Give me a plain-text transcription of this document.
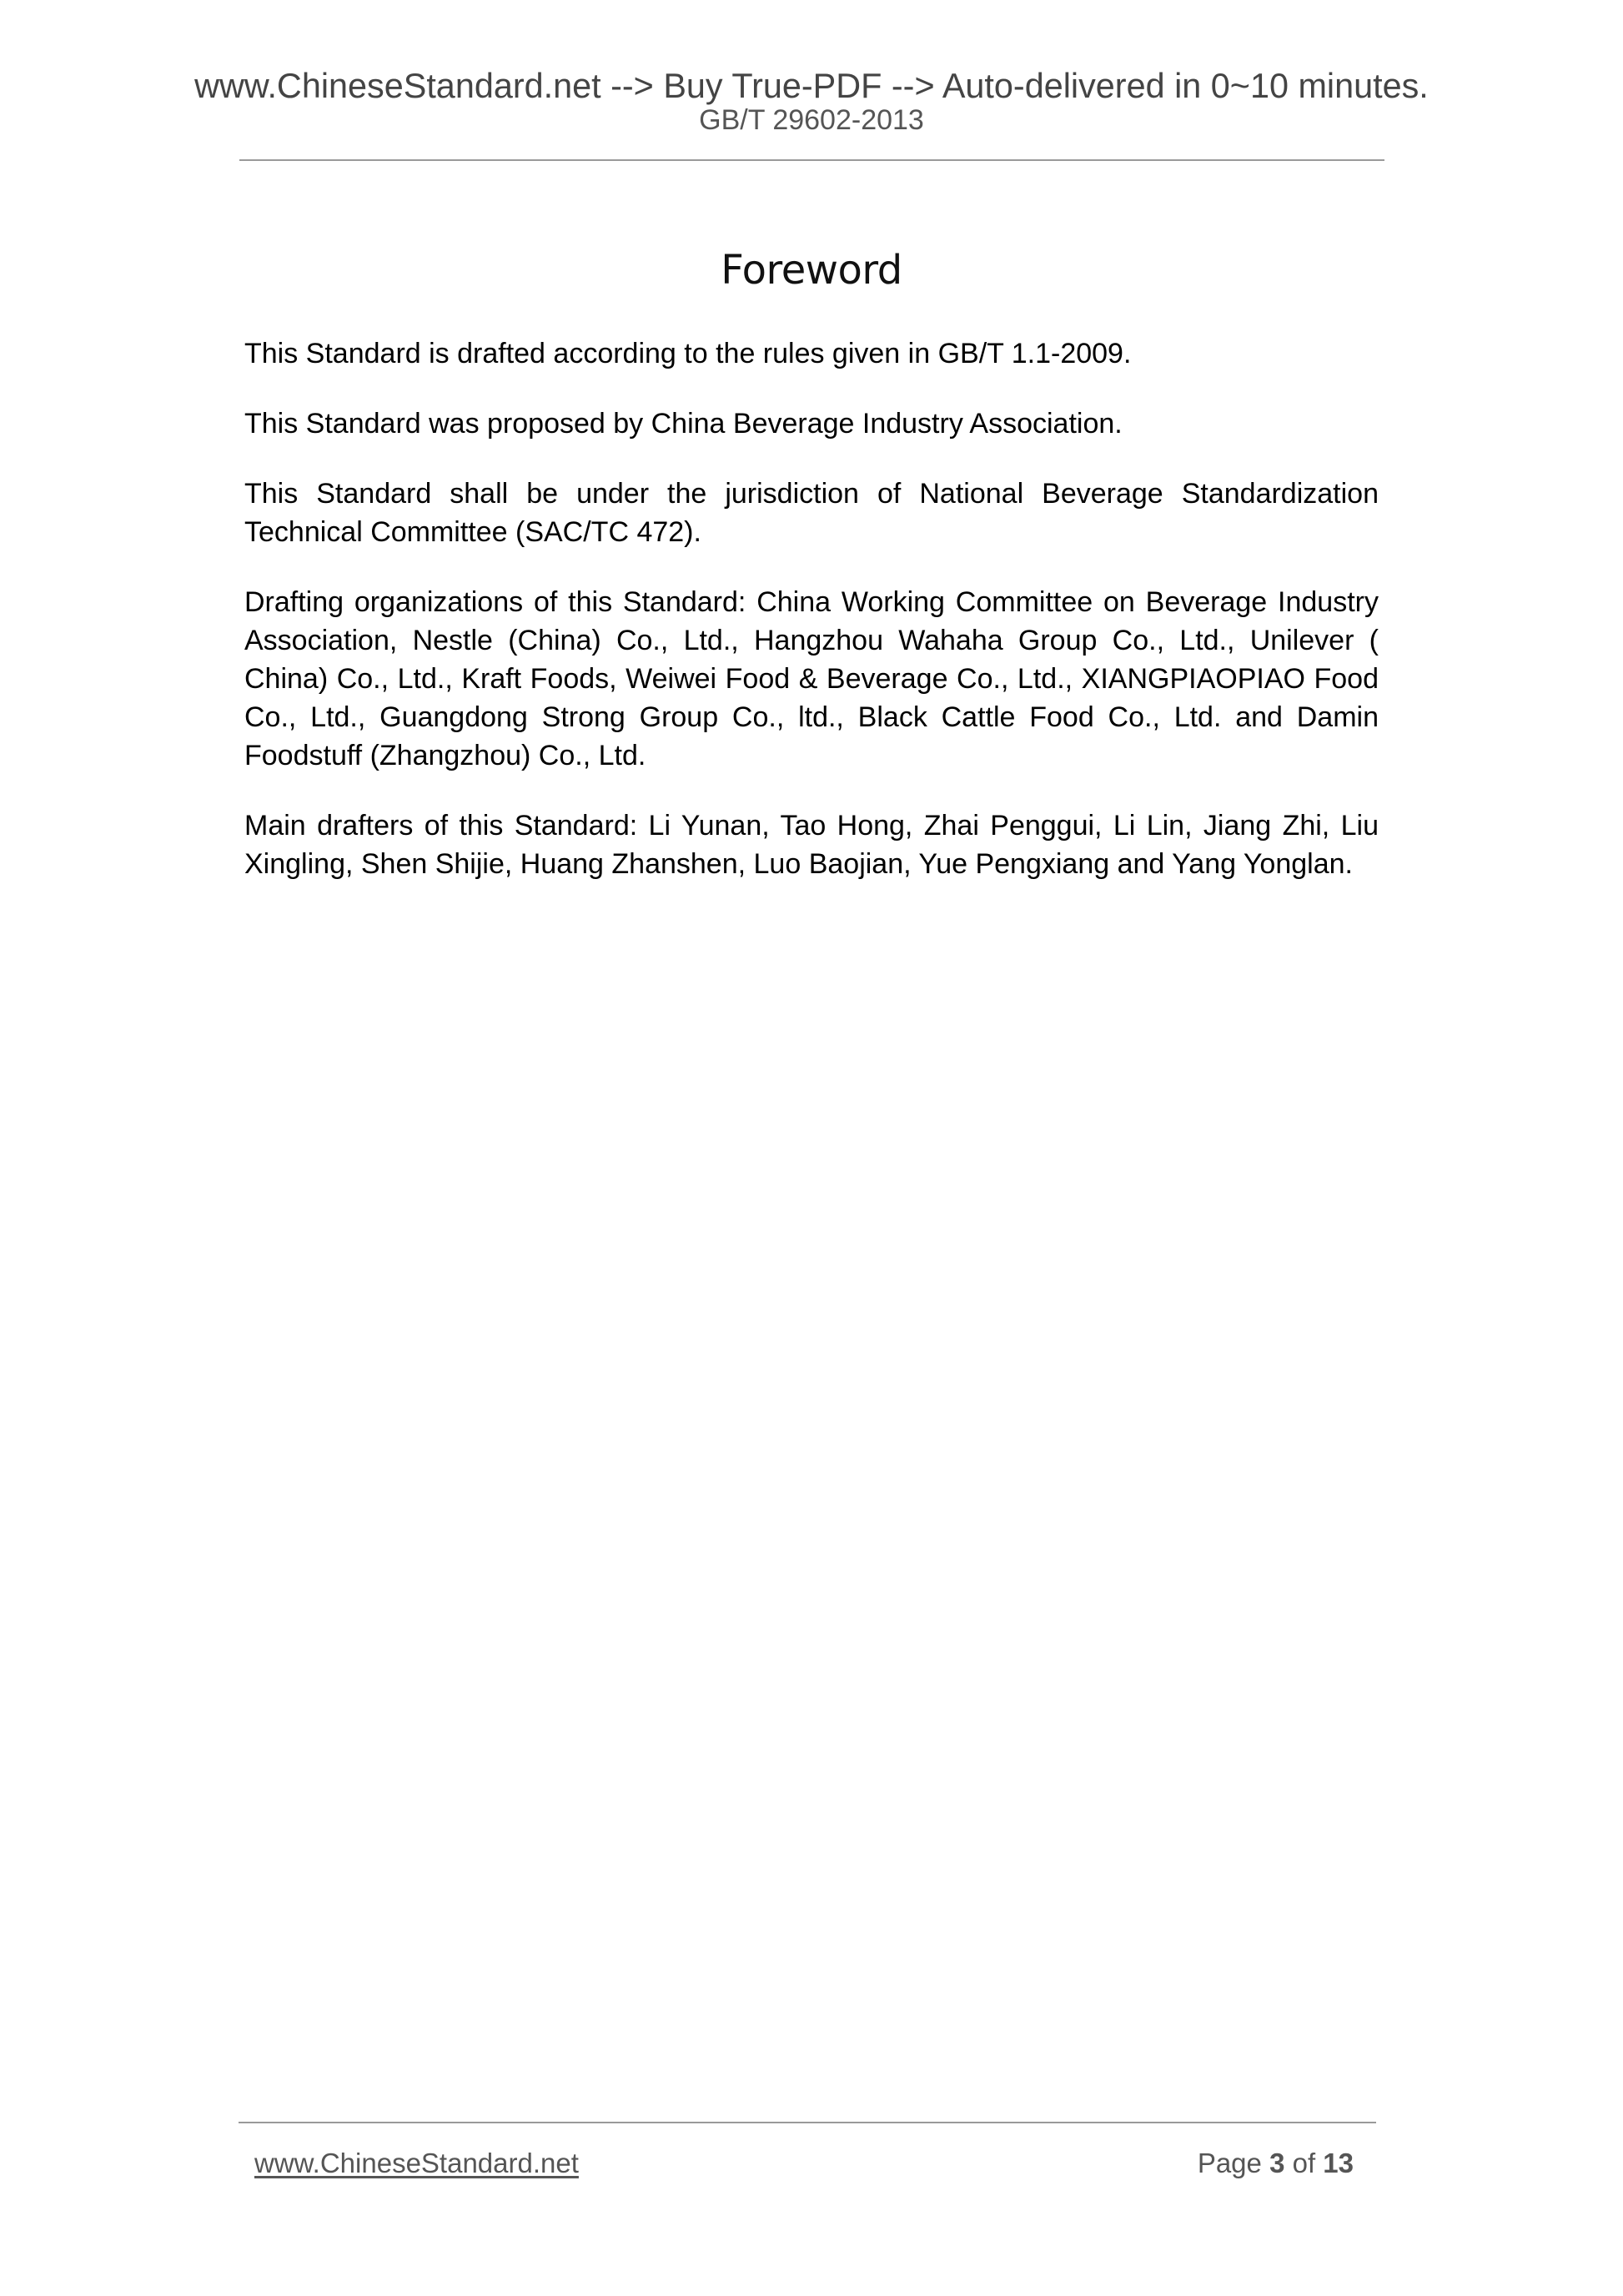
www.ChineseStandard.net --> Buy True-PDF --> Auto-delivered in 0~10 minutes.
GB/T 29602-2013
Foreword

This Standard is drafted according to the rules given in GB/T 1.1-2009.

This Standard was proposed by China Beverage Industry Association.

This Standard shall be under the jurisdiction of National Beverage Standardization Technical Committee (SAC/TC 472).

Drafting organizations of this Standard: China Working Committee on Beverage Industry Association, Nestle (China) Co., Ltd., Hangzhou Wahaha Group Co., Ltd., Unilever ( China) Co., Ltd., Kraft Foods, Weiwei Food & Beverage Co., Ltd., XIANGPIAOPIAO Food Co., Ltd., Guangdong Strong Group Co., ltd., Black Cattle Food Co., Ltd. and Damin Foodstuff (Zhangzhou) Co., Ltd.

Main drafters of this Standard: Li Yunan, Tao Hong, Zhai Penggui, Li Lin, Jiang Zhi, Liu Xingling, Shen Shijie, Huang Zhanshen, Luo Baojian, Yue Pengxiang and Yang Yonglan.

www.ChineseStandard.net	Page 3 of 13
